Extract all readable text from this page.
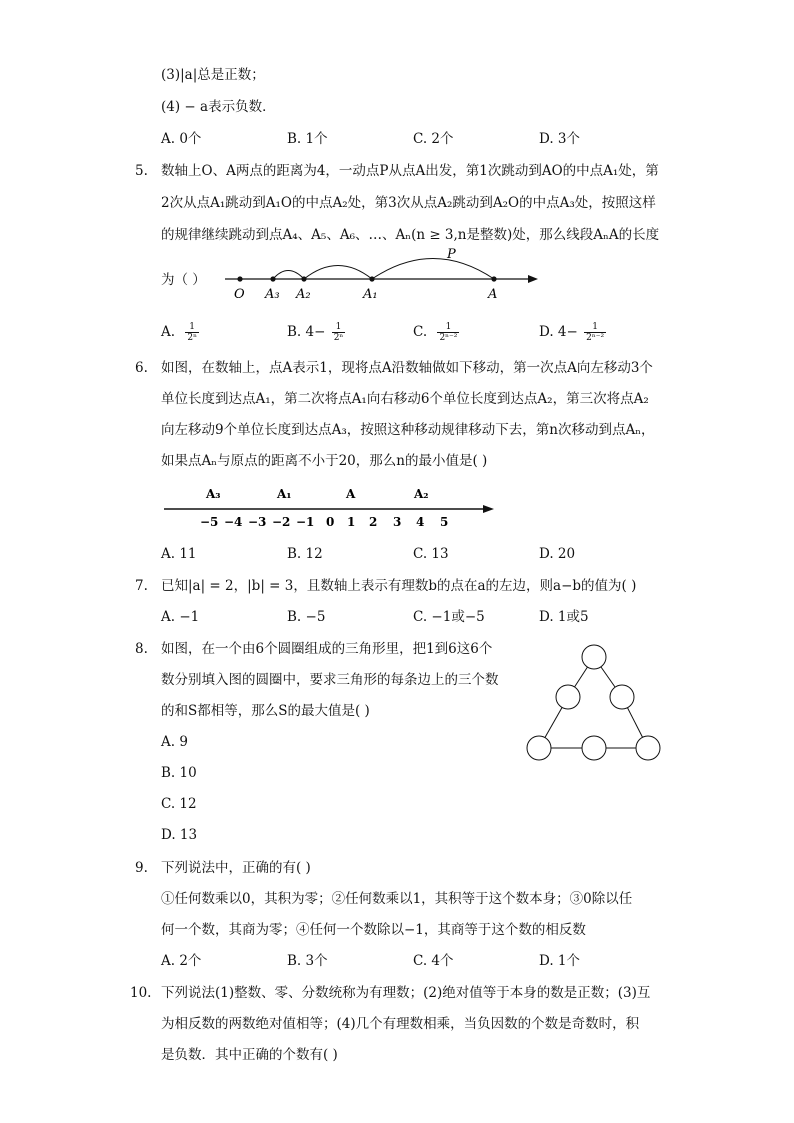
(3)|a|总是正数；
(4) − a表示负数．
A. 0个	B. 1个	C. 2个	D. 3个
5. 数轴上O、A两点的距离为4，一动点P从点A出发，第1次跳动到AO的中点A₁处，第
2次从点A₁跳动到A₁O的中点A₂处，第3次从点A₂跳动到A₂O的中点A₃处，按照这样
的规律继续跳动到点A₄、A₅、A₆、…、Aₙ(n ≥ 3,n是整数)处，那么线段AₙA的长度
为（ ）
O A₃ A₂	A₁	A
P
A. $\frac{1}{\text{2ⁿ}}$	B. $4- \frac{1}{\text{2ⁿ}}$	C. $\frac{1}{\text{2ⁿ⁻²}}$	D. $4- \frac{1}{\text{2ⁿ⁻²}}$
6. 如图，在数轴上，点A表示1，现将点A沿数轴做如下移动，第一次点A向左移动3个
单位长度到达点A₁，第二次将点A₁向右移动6个单位长度到达点A₂，第三次将点A₂
向左移动9个单位长度到达点A₃，按照这种移动规律移动下去，第n次移动到点Aₙ，
如果点Aₙ与原点的距离不小于20，那么n的最小值是( )
A₃	A₁	A	A₂
−5 −4 −3 −2 −1 0 1 2 3 4 5
A. 11	B. 12	C. 13	D. 20
7. 已知|a| = 2，|b| = 3，且数轴上表示有理数b的点在a的左边，则a−b的值为( )
A. −1	B. −5	C. −1或−5	D. 1或5
8. 如图，在一个由6个圆圈组成的三角形里，把1到6这6个
数分别填入图的圆圈中，要求三角形的每条边上的三个数
的和S都相等，那么S的最大值是( )
A. 9
B. 10
C. 12
D. 13
9. 下列说法中，正确的有( )
①任何数乘以0，其积为零；②任何数乘以1，其积等于这个数本身；③0除以任
何一个数，其商为零；④任何一个数除以−1，其商等于这个数的相反数
A. 2个	B. 3个	C. 4个	D. 1个
10. 下列说法(1)整数、零、分数统称为有理数；(2)绝对值等于本身的数是正数；(3)互
为相反数的两数绝对值相等；(4)几个有理数相乘，当负因数的个数是奇数时，积
是负数．其中正确的个数有( )
